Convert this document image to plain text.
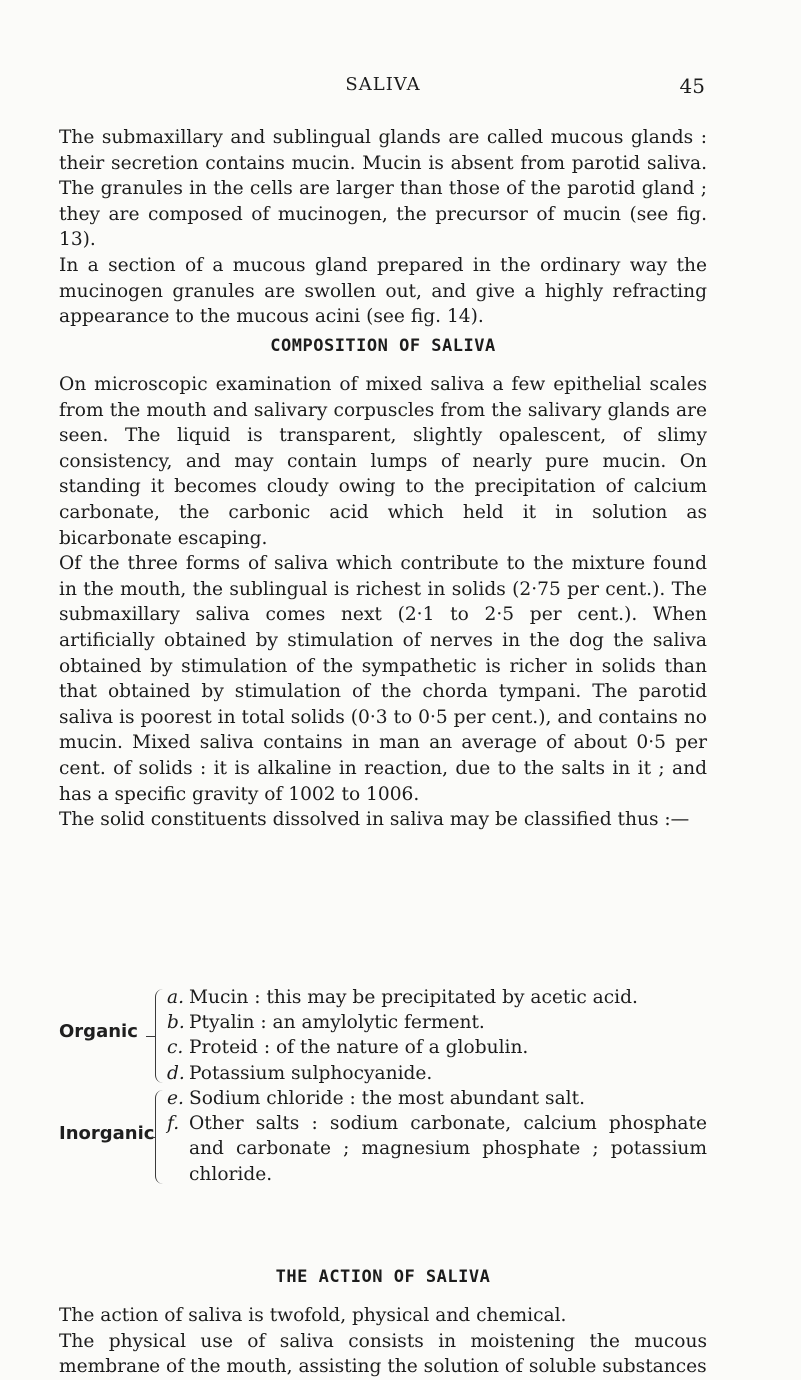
SALIVA	45

The submaxillary and sublingual glands are called mucous glands : their secretion contains mucin. Mucin is absent from parotid saliva. The granules in the cells are larger than those of the parotid gland ; they are composed of mucinogen, the precursor of mucin (see fig. 13).

In a section of a mucous gland prepared in the ordinary way the mucinogen granules are swollen out, and give a highly refracting appearance to the mucous acini (see fig. 14).

COMPOSITION OF SALIVA

On microscopic examination of mixed saliva a few epithelial scales from the mouth and salivary corpuscles from the salivary glands are seen. The liquid is transparent, slightly opalescent, of slimy consistency, and may contain lumps of nearly pure mucin. On standing it becomes cloudy owing to the precipitation of calcium carbonate, the carbonic acid which held it in solution as bicarbonate escaping.

Of the three forms of saliva which contribute to the mixture found in the mouth, the sublingual is richest in solids (2·75 per cent.). The submaxillary saliva comes next (2·1 to 2·5 per cent.). When artificially obtained by stimulation of nerves in the dog the saliva obtained by stimulation of the sympathetic is richer in solids than that obtained by stimulation of the chorda tympani. The parotid saliva is poorest in total solids (0·3 to 0·5 per cent.), and contains no mucin. Mixed saliva contains in man an average of about 0·5 per cent. of solids : it is alkaline in reaction, due to the salts in it ; and has a specific gravity of 1002 to 1006.

The solid constituents dissolved in saliva may be classified thus :—

Organic
a. Mucin : this may be precipitated by acetic acid.
b. Ptyalin : an amylolytic ferment.
c. Proteid : of the nature of a globulin.
d. Potassium sulphocyanide.
Inorganic
e. Sodium chloride : the most abundant salt.
f. Other salts : sodium carbonate, calcium phosphate and carbonate ; magnesium phosphate ; potassium chloride.
THE ACTION OF SALIVA

The action of saliva is twofold, physical and chemical.

The physical use of saliva consists in moistening the mucous membrane of the mouth, assisting the solution of soluble substances
